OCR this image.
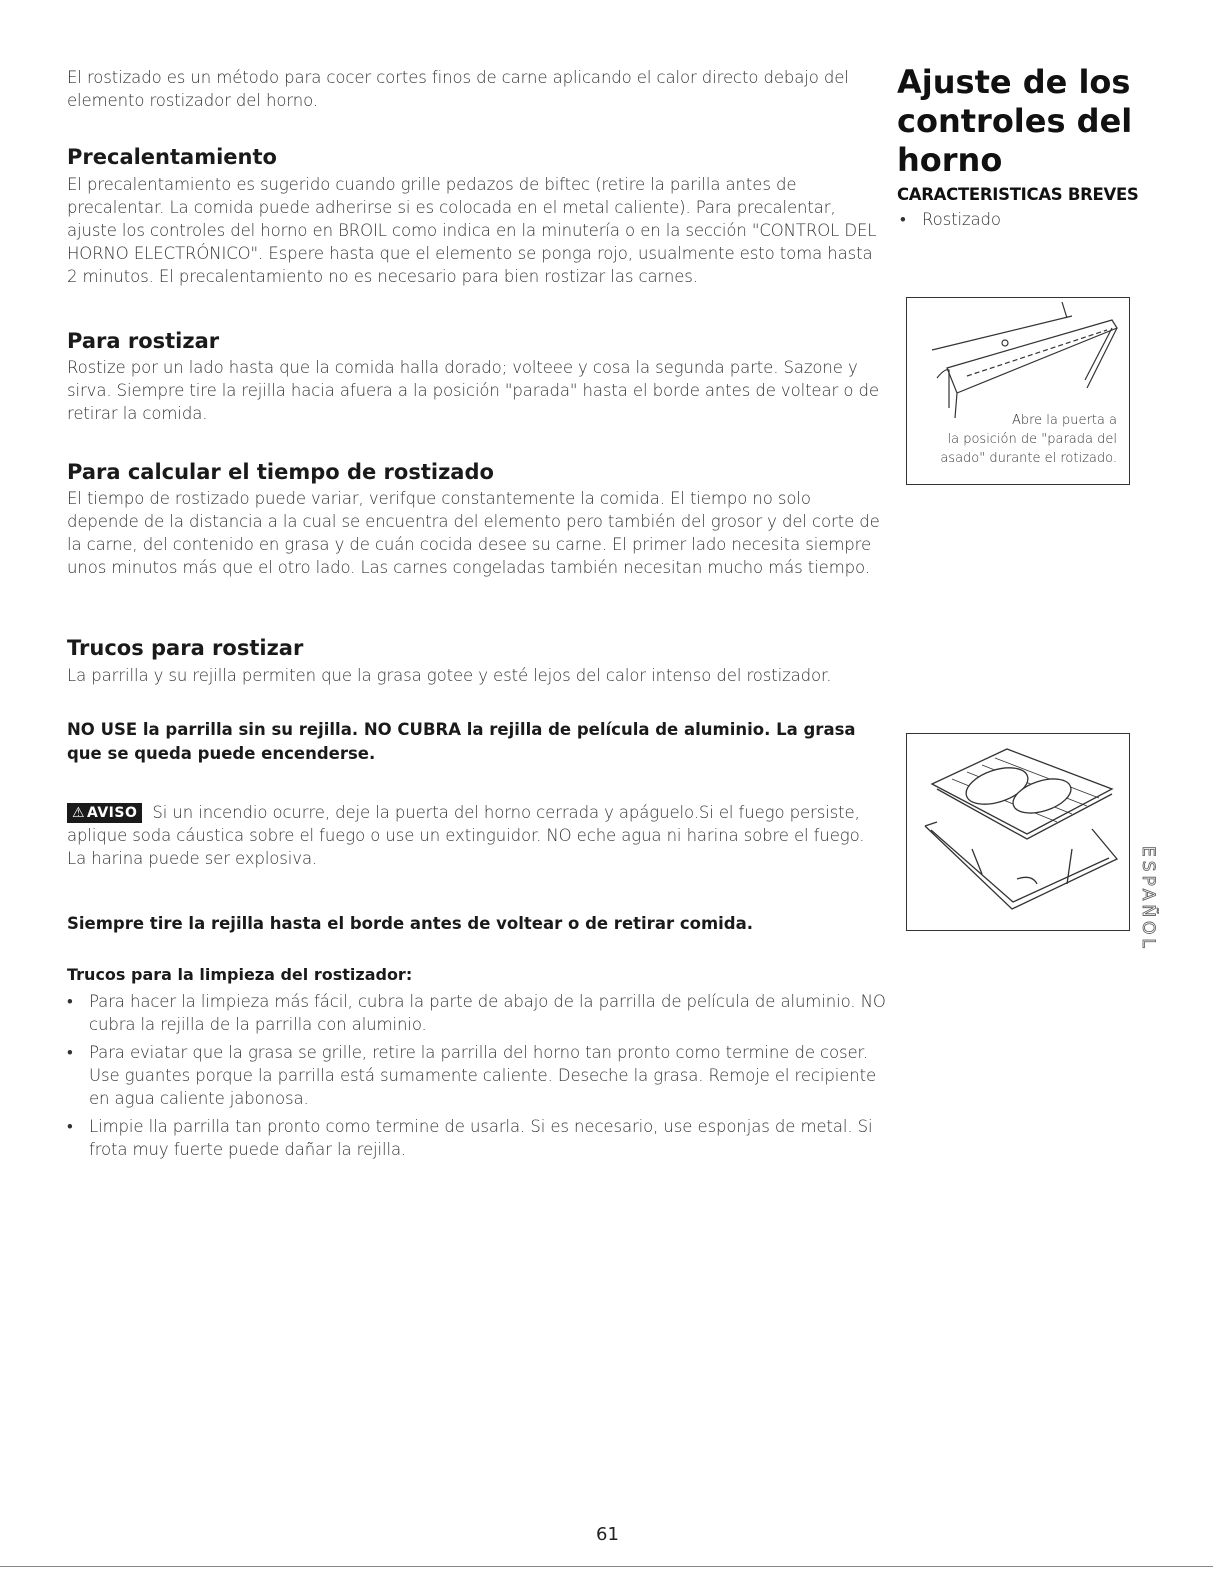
El rostizado es un método para cocer cortes finos de carne aplicando el calor directo debajo del elemento rostizador del horno.

Precalentamiento

El precalentamiento es sugerido cuando grille pedazos de biftec (retire la parilla antes de precalentar. La comida puede adherirse si es colocada en el metal caliente). Para precalentar, ajuste los controles del horno en BROIL como indica en la minutería o en la sección "CONTROL DEL HORNO ELECTRÓNICO". Espere hasta que el elemento se ponga rojo, usualmente esto toma hasta 2 minutos. El precalentamiento no es necesario para bien rostizar las carnes.

Para rostizar

Rostize por un lado hasta que la comida halla dorado; volteee y cosa la segunda parte. Sazone y sirva. Siempre tire la rejilla hacia afuera a la posición "parada" hasta el borde antes de voltear o de retirar la comida.

Para calcular el tiempo de rostizado

El tiempo de rostizado puede variar, verifque constantemente la comida. El tiempo no solo depende de la distancia a la cual se encuentra del elemento pero también del grosor y del corte de la carne, del contenido en grasa y de cuán cocida desee su carne. El primer lado necesita siempre unos minutos más que el otro lado. Las carnes congeladas también necesitan mucho más tiempo.

Trucos para rostizar

La parrilla y su rejilla permiten que la grasa gotee y esté lejos del calor intenso del rostizador.

NO USE la parrilla sin su rejilla. NO CUBRA la rejilla de película de aluminio. La grasa que se queda puede encenderse.

⚠ AVISO Si un incendio ocurre, deje la puerta del horno cerrada y apáguelo.Si el fuego persiste, aplique soda cáustica sobre el fuego o use un extinguidor. NO eche agua ni harina sobre el fuego. La harina puede ser explosiva.

Siempre tire la rejilla hasta el borde antes de voltear o de retirar comida.

Trucos para la limpieza del rostizador:

• Para hacer la limpieza más fácil, cubra la parte de abajo de la parrilla de película de aluminio. NO cubra la rejilla de la parrilla con aluminio.
• Para eviatar que la grasa se grille, retire la parrilla del horno tan pronto como termine de coser. Use guantes porque la parrilla está sumamente caliente. Deseche la grasa. Remoje el recipiente en agua caliente jabonosa.
• Limpie lla parrilla tan pronto como termine de usarla. Si es necesario, use esponjas de metal. Si frota muy fuerte puede dañar la rejilla.

Ajuste de los

controles del

horno

CARACTERISTICAS BREVES

• Rostizado
Abre la puerta a
la posición de "parada del
asado" durante el rotizado.
ESPAÑOL
61
